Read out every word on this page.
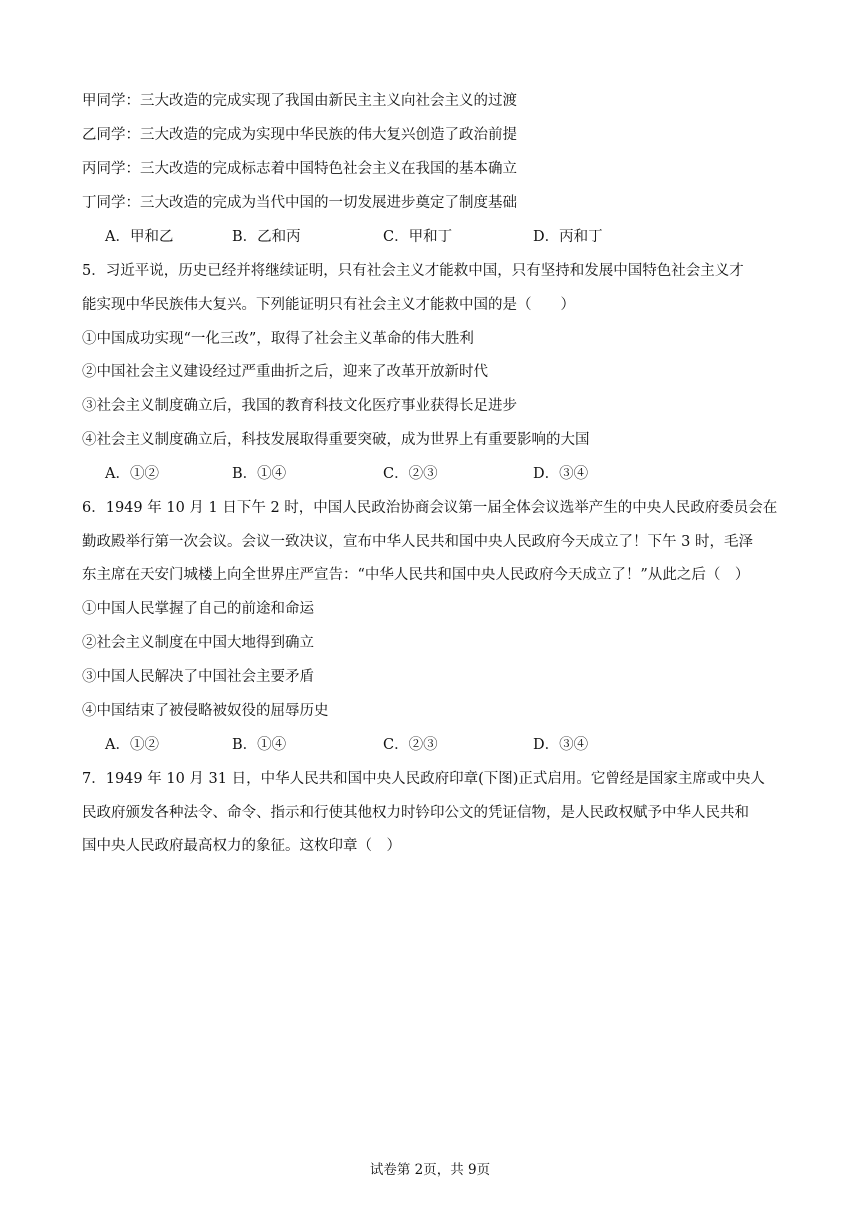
甲同学：三大改造的完成实现了我国由新民主主义向社会主义的过渡
乙同学：三大改造的完成为实现中华民族的伟大复兴创造了政治前提
丙同学：三大改造的完成标志着中国特色社会主义在我国的基本确立
丁同学：三大改造的完成为当代中国的一切发展进步奠定了制度基础
A．甲和乙	B．乙和丙	C．甲和丁	D．丙和丁
5．习近平说，历史已经并将继续证明，只有社会主义才能救中国，只有坚持和发展中国特色社会主义才
能实现中华民族伟大复兴。下列能证明只有社会主义才能救中国的是（　　）
①中国成功实现“一化三改”，取得了社会主义革命的伟大胜利
②中国社会主义建设经过严重曲折之后，迎来了改革开放新时代
③社会主义制度确立后，我国的教育科技文化医疗事业获得长足进步
④社会主义制度确立后，科技发展取得重要突破，成为世界上有重要影响的大国
A．①②	B．①④	C．②③	D．③④
6．1949 年 10 月 1 日下午 2 时，中国人民政治协商会议第一届全体会议选举产生的中央人民政府委员会在
勤政殿举行第一次会议。会议一致决议，宣布中华人民共和国中央人民政府今天成立了！下午 3 时，毛泽
东主席在天安门城楼上向全世界庄严宣告：“中华人民共和国中央人民政府今天成立了！”从此之后（　）
①中国人民掌握了自己的前途和命运
②社会主义制度在中国大地得到确立
③中国人民解决了中国社会主要矛盾
④中国结束了被侵略被奴役的屈辱历史
A．①②	B．①④	C．②③	D．③④
7．1949 年 10 月 31 日，中华人民共和国中央人民政府印章(下图)正式启用。它曾经是国家主席或中央人
民政府颁发各种法令、命令、指示和行使其他权力时钤印公文的凭证信物，是人民政权赋予中华人民共和
国中央人民政府最高权力的象征。这枚印章（　）
试卷第 2页，共 9页
